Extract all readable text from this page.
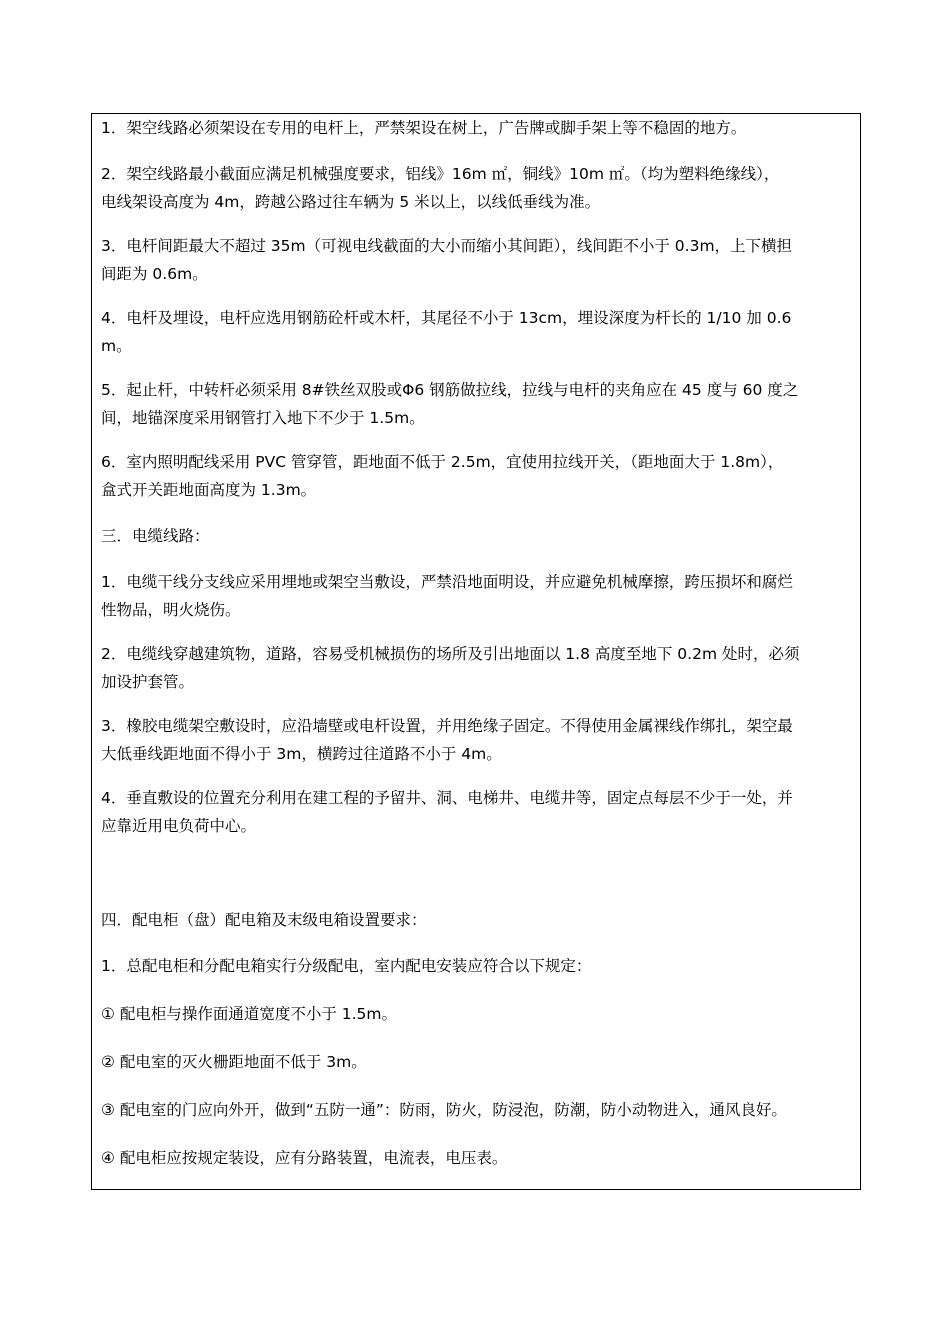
1．架空线路必须架设在专用的电杆上，严禁架设在树上，广告牌或脚手架上等不稳固的地方。
2．架空线路最小截面应满足机械强度要求，铝线》16m ㎡，铜线》10m ㎡。（均为塑料绝缘线），
电线架设高度为 4m，跨越公路过往车辆为 5 米以上，以线低垂线为准。
3．电杆间距最大不超过 35m（可视电线截面的大小而缩小其间距），线间距不小于 0.3m，上下横担
间距为 0.6m。
4．电杆及埋设，电杆应选用钢筋砼杆或木杆，其尾径不小于 13cm，埋设深度为杆长的 1/10 加 0.6
m。
5．起止杆，中转杆必须采用 8#铁丝双股或Φ6 钢筋做拉线，拉线与电杆的夹角应在 45 度与 60 度之
间，地锚深度采用钢管打入地下不少于 1.5m。
6．室内照明配线采用 PVC 管穿管，距地面不低于 2.5m，宜使用拉线开关，（距地面大于 1.8m），
盒式开关距地面高度为 1.3m。
三．电缆线路：
1．电缆干线分支线应采用埋地或架空当敷设，严禁沿地面明设，并应避免机械摩擦，跨压损坏和腐烂
性物品，明火烧伤。
2．电缆线穿越建筑物，道路，容易受机械损伤的场所及引出地面以 1.8 高度至地下 0.2m 处时，必须
加设护套管。
3．橡胶电缆架空敷设时，应沿墙壁或电杆设置，并用绝缘子固定。不得使用金属裸线作绑扎，架空最
大低垂线距地面不得小于 3m，横跨过往道路不小于 4m。
4．垂直敷设的位置充分利用在建工程的予留井、洞、电梯井、电缆井等，固定点每层不少于一处，并
应靠近用电负荷中心。
四．配电柜（盘）配电箱及末级电箱设置要求：
1．总配电柜和分配电箱实行分级配电，室内配电安装应符合以下规定：
① 配电柜与操作面通道宽度不小于 1.5m。
② 配电室的灭火栅距地面不低于 3m。
③ 配电室的门应向外开，做到“五防一通”：防雨，防火，防浸泡，防潮，防小动物进入，通风良好。
④ 配电柜应按规定装设，应有分路装置，电流表，电压表。
